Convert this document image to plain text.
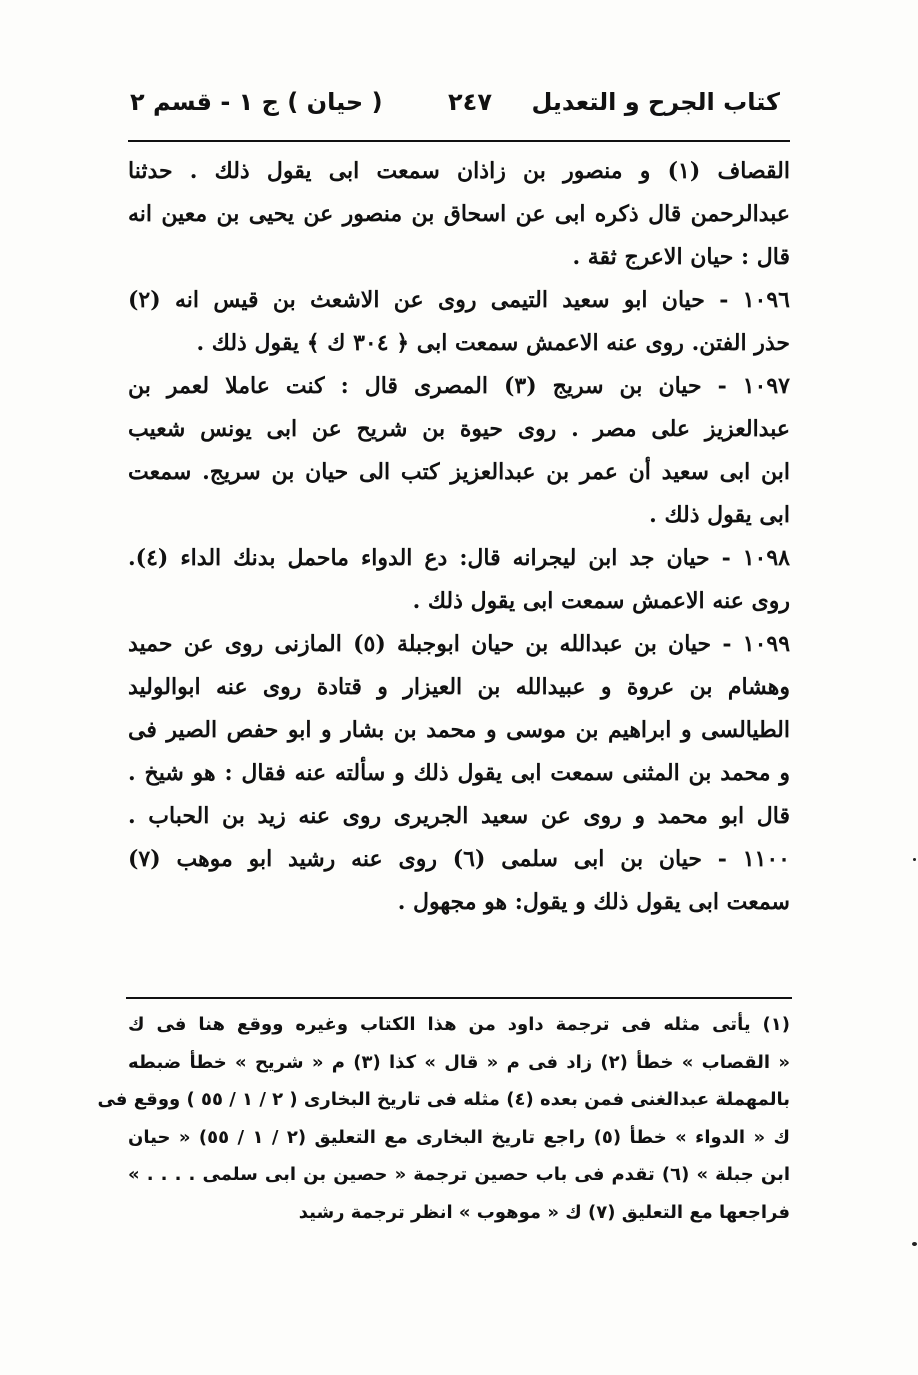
كتاب الجرح و التعديل
٢٤٧
( حيان ) ج ١ - قسم ٢
القصاف (١) و منصور بن زاذان سمعت ابى يقول ذلك . حدثنا
عبدالرحمن قال ذكره ابى عن اسحاق بن منصور عن يحيى بن معين انه
قال : حيان الاعرج ثقة .
١٠٩٦ - حيان ابو سعيد التيمى روى عن الاشعث بن قيس انه (٢)
حذر الفتن. روى عنه الاعمش سمعت ابى ﴿ ٣٠٤ ك ﴾ يقول ذلك .
١٠٩٧ - حيان بن سريج (٣) المصرى قال : كنت عاملا لعمر بن
عبدالعزيز على مصر . روى حيوة بن شريح عن ابى يونس شعيب
ابن ابى سعيد أن عمر بن عبدالعزيز كتب الى حيان بن سريج. سمعت
ابى يقول ذلك .
١٠٩٨ - حيان جد ابن ليجرانه قال: دع الدواء ماحمل بدنك الداء (٤).
روى عنه الاعمش سمعت ابى يقول ذلك .
١٠٩٩ - حيان بن عبدالله بن حيان ابوجبلة (٥) المازنى روى عن حميد
وهشام بن عروة و عبيدالله بن العيزار و قتادة روى عنه ابوالوليد
الطيالسى و ابراهيم بن موسى و محمد بن بشار و ابو حفص الصير فى
و محمد بن المثنى سمعت ابى يقول ذلك و سألته عنه فقال : هو شيخ .
قال ابو محمد و روى عن سعيد الجريرى روى عنه زيد بن الحباب .
١١٠٠ - حيان بن ابى سلمى (٦) روى عنه رشيد ابو موهب (٧)
سمعت ابى يقول ذلك و يقول: هو مجهول .
(١) يأتى مثله فى ترجمة داود من هذا الكتاب وغيره ووقع هنا فى ك
« القصاب » خطأ (٢) زاد فى م « قال » كذا (٣) م « شريح » خطأ ضبطه
بالمهملة عبدالغنى فمن بعده (٤) مثله فى تاريخ البخارى ( ٢ / ١ / ٥٥ ) ووقع فى
ك « الدواء » خطأ (٥) راجع تاريخ البخارى مع التعليق (٢ / ١ / ٥٥) « حيان
ابن جبلة » (٦) تقدم فى باب حصين ترجمة « حصين بن ابى سلمى . . . . »
فراجعها مع التعليق (٧) ك « موهوب » انظر ترجمة رشيد
